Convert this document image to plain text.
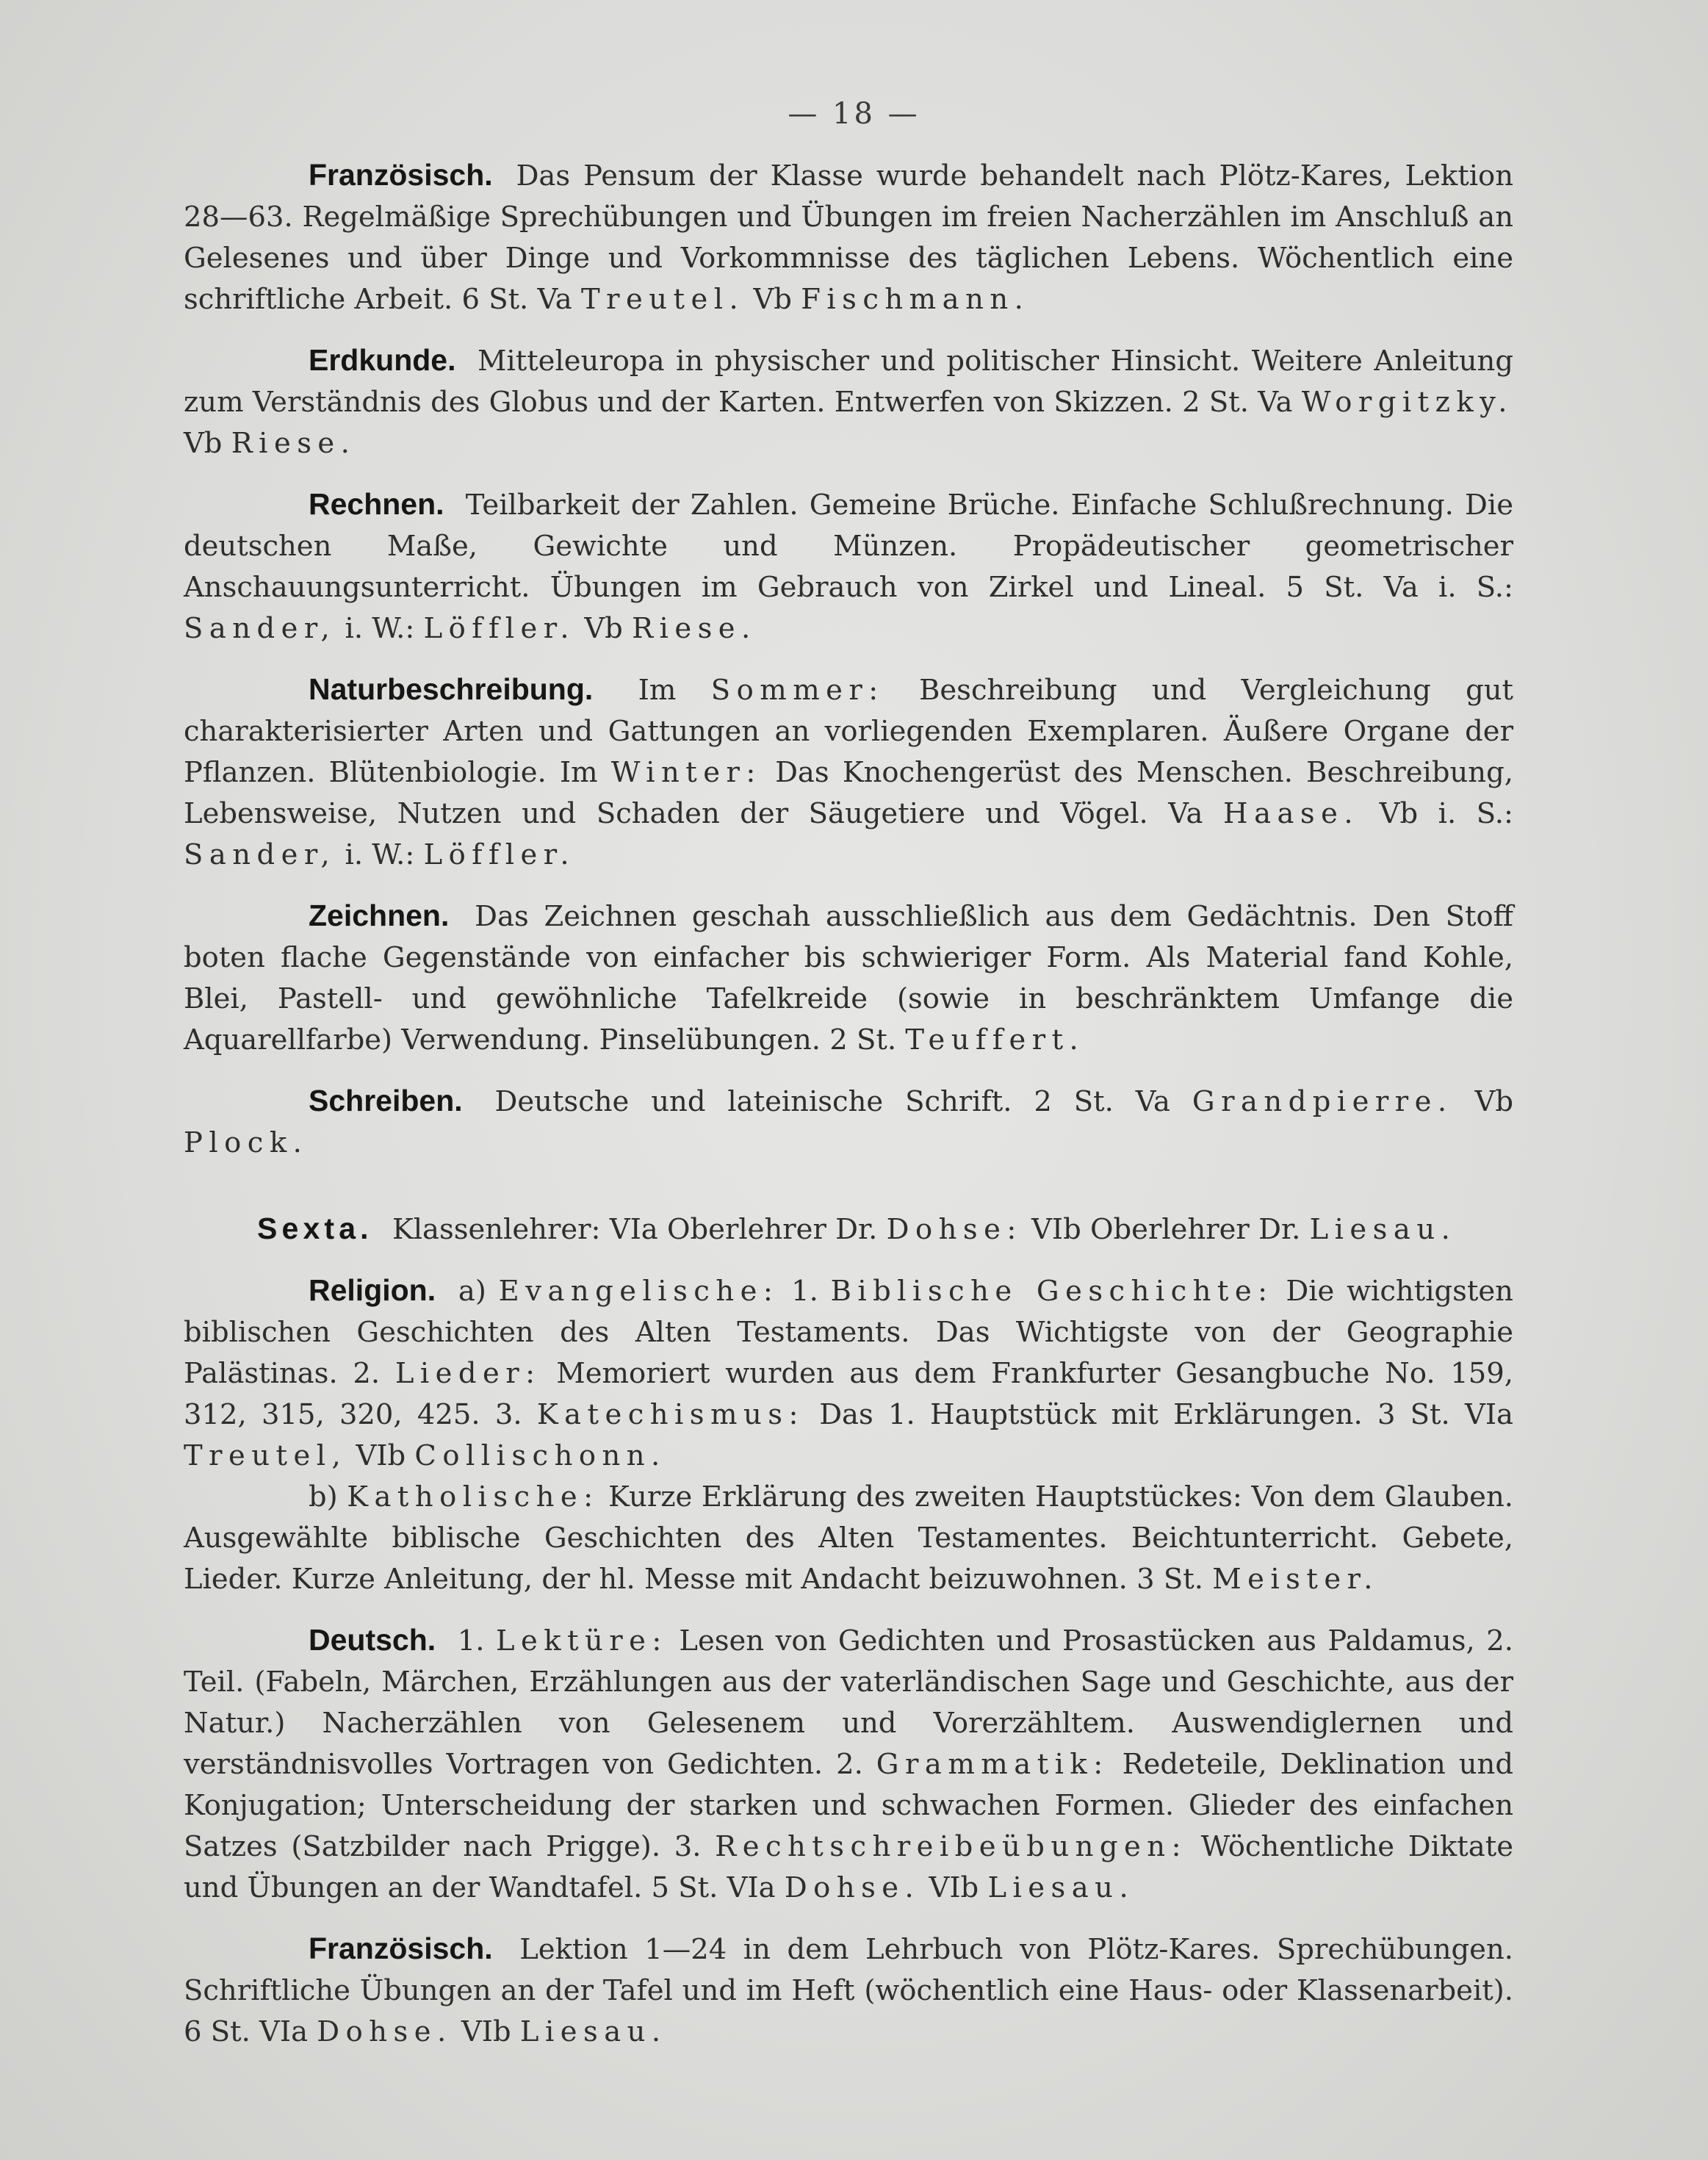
— 18 —

Französisch. Das Pensum der Klasse wurde behandelt nach Plötz-Kares, Lektion 28—63. Regelmäßige Sprechübungen und Übungen im freien Nacherzählen im Anschluß an Gelesenes und über Dinge und Vorkommnisse des täglichen Lebens. Wöchentlich eine schriftliche Arbeit. 6 St. Va Treutel. Vb Fischmann.

Erdkunde. Mitteleuropa in physischer und politischer Hinsicht. Weitere Anleitung zum Verständnis des Globus und der Karten. Entwerfen von Skizzen. 2 St. Va Worgitzky. Vb Riese.

Rechnen. Teilbarkeit der Zahlen. Gemeine Brüche. Einfache Schlußrechnung. Die deutschen Maße, Gewichte und Münzen. Propädeutischer geometrischer Anschauungsunterricht. Übungen im Gebrauch von Zirkel und Lineal. 5 St. Va i. S.: Sander, i. W.: Löffler. Vb Riese.

Naturbeschreibung. Im Sommer: Beschreibung und Vergleichung gut charakterisierter Arten und Gattungen an vorliegenden Exemplaren. Äußere Organe der Pflanzen. Blütenbiologie. Im Winter: Das Knochengerüst des Menschen. Beschreibung, Lebensweise, Nutzen und Schaden der Säugetiere und Vögel. Va Haase. Vb i. S.: Sander, i. W.: Löffler.

Zeichnen. Das Zeichnen geschah ausschließlich aus dem Gedächtnis. Den Stoff boten flache Gegenstände von einfacher bis schwieriger Form. Als Material fand Kohle, Blei, Pastell- und gewöhnliche Tafelkreide (sowie in beschränktem Umfange die Aquarellfarbe) Verwendung. Pinselübungen. 2 St. Teuffert.

Schreiben. Deutsche und lateinische Schrift. 2 St. Va Grandpierre. Vb Plock.

Sexta. Klassenlehrer: VIa Oberlehrer Dr. Dohse: VIb Oberlehrer Dr. Liesau.

Religion. a) Evangelische: 1. Biblische Geschichte: Die wichtigsten biblischen Geschichten des Alten Testaments. Das Wichtigste von der Geographie Palästinas. 2. Lieder: Memoriert wurden aus dem Frankfurter Gesangbuche No. 159, 312, 315, 320, 425. 3. Katechismus: Das 1. Hauptstück mit Erklärungen. 3 St. VIa Treutel, VIb Collischonn.

b) Katholische: Kurze Erklärung des zweiten Hauptstückes: Von dem Glauben. Ausgewählte biblische Geschichten des Alten Testamentes. Beichtunterricht. Gebete, Lieder. Kurze Anleitung, der hl. Messe mit Andacht beizuwohnen. 3 St. Meister.

Deutsch. 1. Lektüre: Lesen von Gedichten und Prosastücken aus Paldamus, 2. Teil. (Fabeln, Märchen, Erzählungen aus der vaterländischen Sage und Geschichte, aus der Natur.) Nacherzählen von Gelesenem und Vorerzähltem. Auswendiglernen und verständnisvolles Vortragen von Gedichten. 2. Grammatik: Redeteile, Deklination und Konjugation; Unterscheidung der starken und schwachen Formen. Glieder des einfachen Satzes (Satzbilder nach Prigge). 3. Rechtschreibeübungen: Wöchentliche Diktate und Übungen an der Wandtafel. 5 St. VIa Dohse. VIb Liesau.

Französisch. Lektion 1—24 in dem Lehrbuch von Plötz-Kares. Sprechübungen. Schriftliche Übungen an der Tafel und im Heft (wöchentlich eine Haus- oder Klassenarbeit). 6 St. VIa Dohse. VIb Liesau.
